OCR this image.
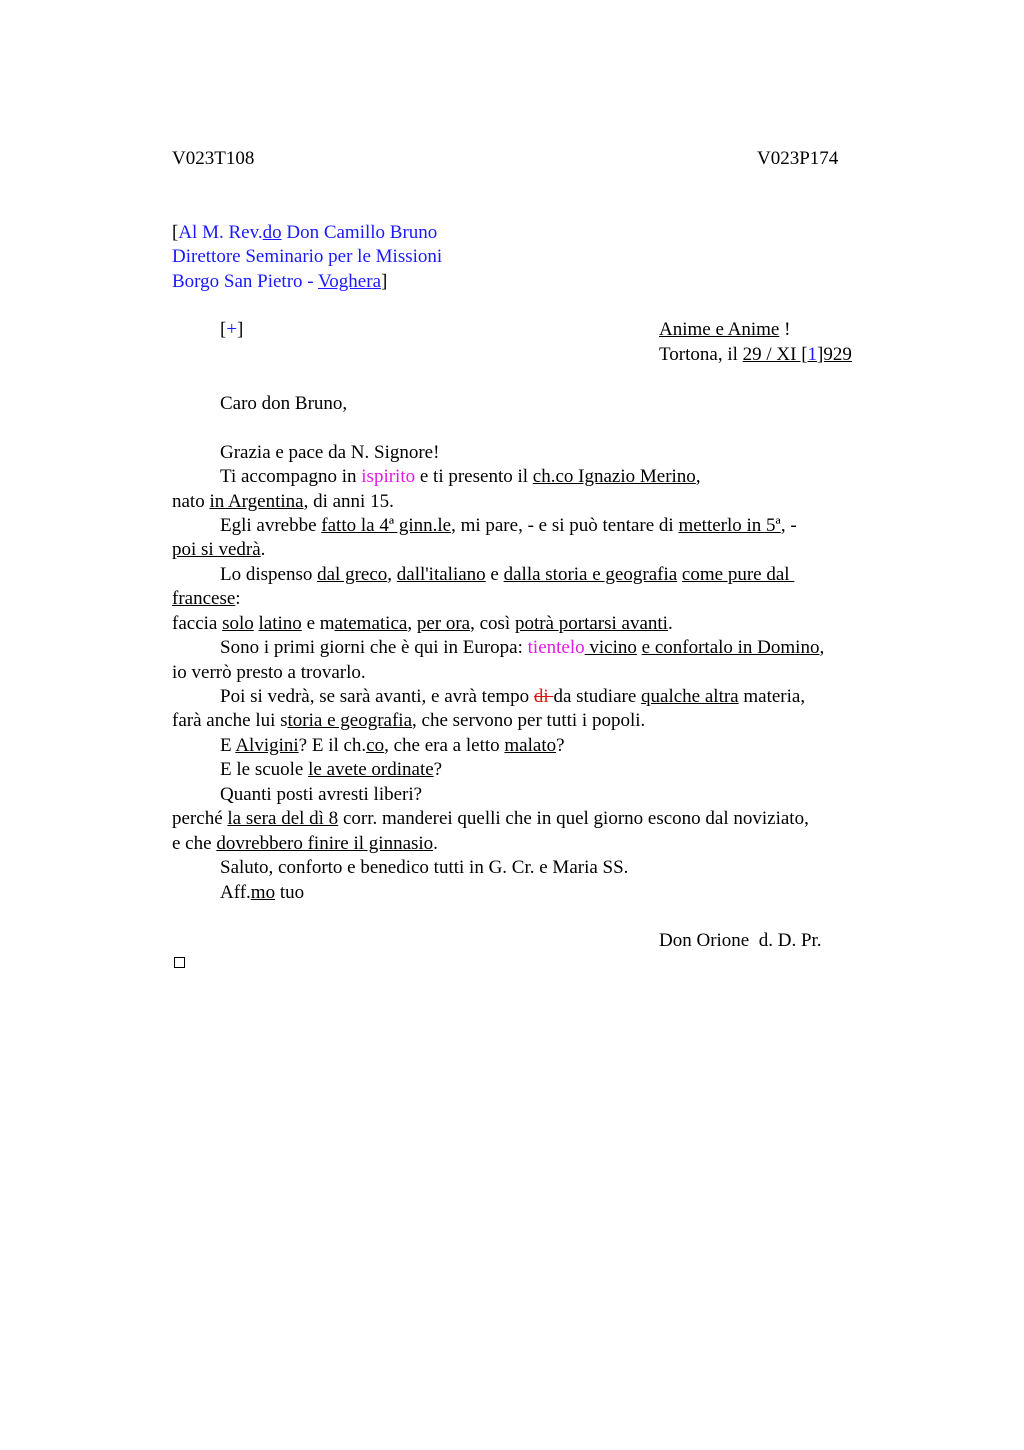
V023T108	V023P174
[Al M. Rev.do Don Camillo Bruno
Direttore Seminario per le Missioni
Borgo San Pietro - Voghera]
[+]	Anime e Anime !
Tortona, il 29 / XI [1]929
Caro don Bruno,
Grazia e pace da N. Signore!
Ti accompagno in ispirito e ti presento il ch.co Ignazio Merino,
nato in Argentina, di anni 15.
Egli avrebbe fatto la 4ª ginn.le, mi pare, - e si può tentare di metterlo in 5ª, -
poi si vedrà.
Lo dispenso dal greco, dall'italiano e dalla storia e geografia come pure dal
francese:
faccia solo latino e matematica, per ora, così potrà portarsi avanti.
Sono i primi giorni che è qui in Europa: tientelo vicino e confortalo in Domino,
io verrò presto a trovarlo.
Poi si vedrà, se sarà avanti, e avrà tempo di da studiare qualche altra materia,
farà anche lui storia e geografia, che servono per tutti i popoli.
E Alvigini? E il ch.co, che era a letto malato?
E le scuole le avete ordinate?
Quanti posti avresti liberi?
perché la sera del dì 8 corr. manderei quelli che in quel giorno escono dal noviziato,
e che dovrebbero finire il ginnasio.
Saluto, conforto e benedico tutti in G. Cr. e Maria SS.
Aff.mo tuo
Don Orione  d. D. Pr.
